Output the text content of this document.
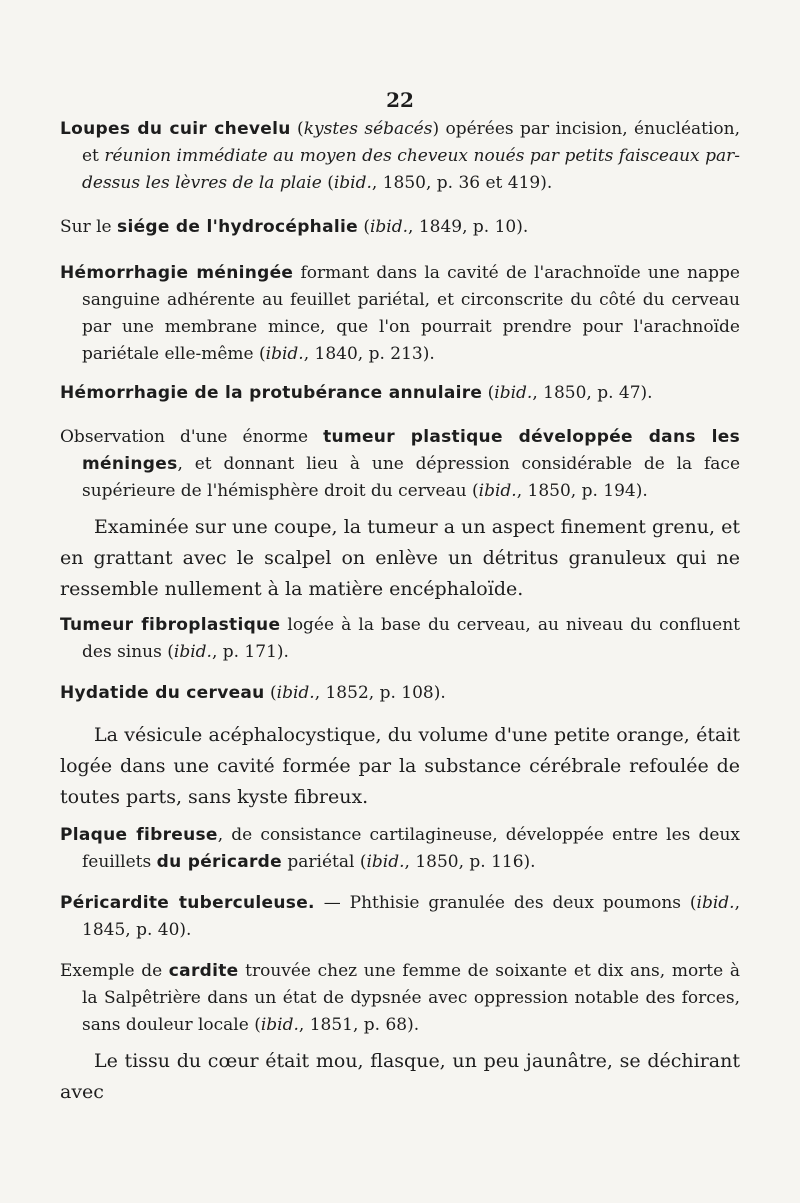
22
Loupes du cuir chevelu (kystes sébacés) opérées par incision, énucléation, et réunion immédiate au moyen des cheveux noués par petits faisceaux par-dessus les lèvres de la plaie (ibid., 1850, p. 36 et 419).
Sur le siége de l'hydrocéphalie (ibid., 1849, p. 10).
Hémorrhagie méningée formant dans la cavité de l'arachnoïde une nappe sanguine adhérente au feuillet pariétal, et circonscrite du côté du cerveau par une membrane mince, que l'on pourrait prendre pour l'arachnoïde pariétale elle-même (ibid., 1840, p. 213).
Hémorrhagie de la protubérance annulaire (ibid., 1850, p. 47).
Observation d'une énorme tumeur plastique développée dans les méninges, et donnant lieu à une dépression considérable de la face supérieure de l'hémisphère droit du cerveau (ibid., 1850, p. 194).
Examinée sur une coupe, la tumeur a un aspect finement grenu, et en grattant avec le scalpel on enlève un détritus granuleux qui ne ressemble nullement à la matière encéphaloïde.
Tumeur fibroplastique logée à la base du cerveau, au niveau du confluent des sinus (ibid., p. 171).
Hydatide du cerveau (ibid., 1852, p. 108).
La vésicule acéphalocystique, du volume d'une petite orange, était logée dans une cavité formée par la substance cérébrale refoulée de toutes parts, sans kyste fibreux.
Plaque fibreuse, de consistance cartilagineuse, développée entre les deux feuillets du péricarde pariétal (ibid., 1850, p. 116).
Péricardite tuberculeuse. — Phthisie granulée des deux poumons (ibid., 1845, p. 40).
Exemple de cardite trouvée chez une femme de soixante et dix ans, morte à la Salpêtrière dans un état de dypsnée avec oppression notable des forces, sans douleur locale (ibid., 1851, p. 68).
Le tissu du cœur était mou, flasque, un peu jaunâtre, se déchirant avec
